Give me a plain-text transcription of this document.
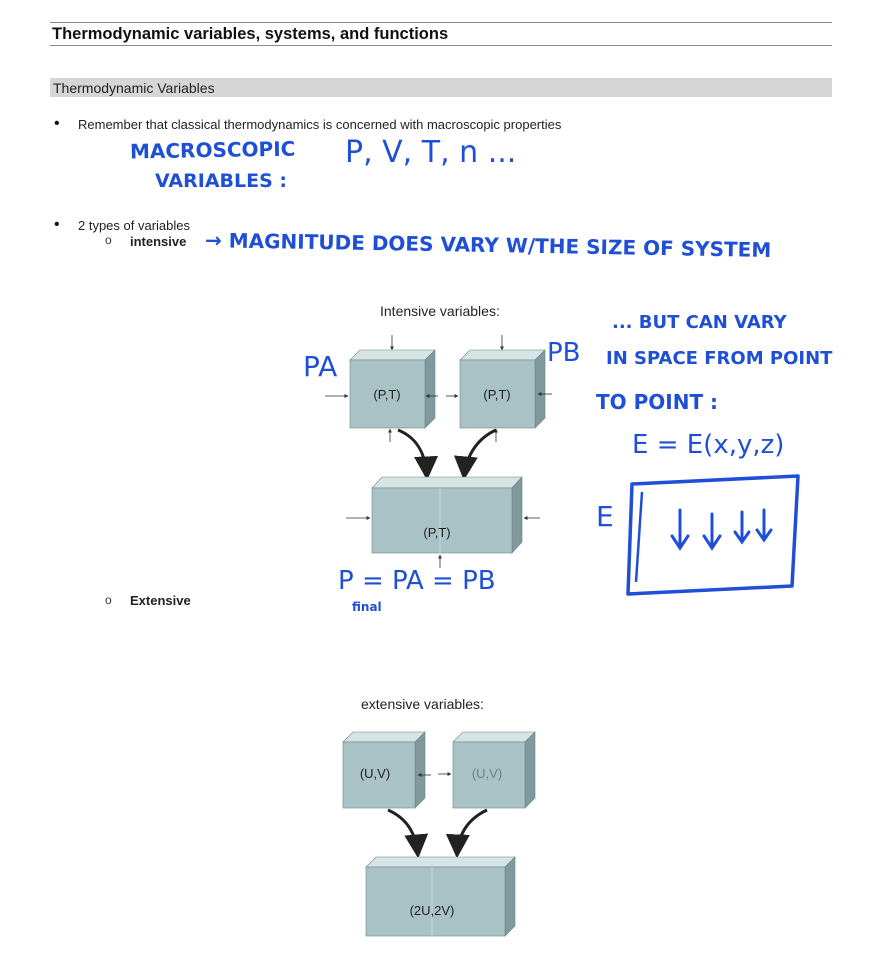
Thermodynamic variables, systems, and functions
Thermodynamic Variables
• Remember that classical thermodynamics is concerned with macroscopic properties
• 2 types of variables
o intensive
o Extensive
Intensive variables:
extensive variables:
(P,T)	(P,T)
(P,T)
(U,V)	(U,V)
(2U,2V)
MACROSCOPIC
VARIABLES :
P, V, T, n ...
→ MAGNITUDE DOES VARY W/THE SIZE OF SYSTEM
PA	PB
... BUT CAN VARY
IN SPACE FROM POINT
TO POINT :
E = E(x,y,z)
E
P = PA = PB
final
